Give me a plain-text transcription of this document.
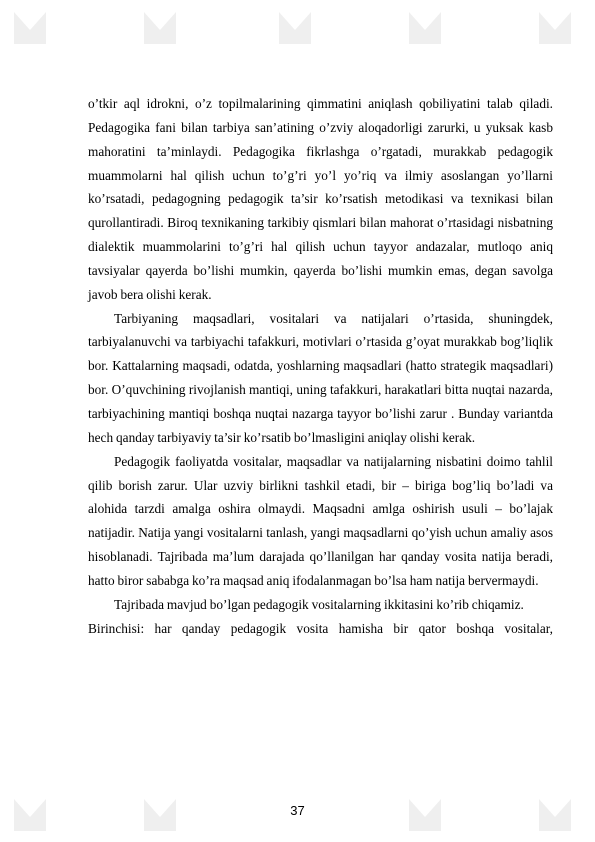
o’tkir aql idrokni, o’z topilmalarining qimmatini aniqlash qobiliyatini talab qiladi. Pedagogika fani bilan tarbiya san’atining o’zviy aloqadorligi zarurki, u yuksak kasb mahoratini ta’minlaydi. Pedagogika fikrlashga o’rgatadi, murakkab pedagogik muammolarni hal qilish uchun to’g’ri yo’l yo’riq va ilmiy asoslangan yo’llarni ko’rsatadi, pedagogning pedagogik ta’sir ko’rsatish metodikasi va texnikasi bilan qurollantiradi. Biroq texnikaning tarkibiy qismlari bilan mahorat o’rtasidagi nisbatning dialektik muammolarini to’g’ri hal qilish uchun tayyor andazalar, mutloqo aniq tavsiyalar qayerda bo’lishi mumkin, qayerda bo’lishi mumkin emas, degan savolga javob bera olishi kerak.

Tarbiyaning maqsadlari, vositalari va natijalari o’rtasida, shuningdek, tarbiyalanuvchi va tarbiyachi tafakkuri, motivlari o’rtasida g’oyat murakkab bog’liqlik bor. Kattalarning maqsadi, odatda, yoshlarning maqsadlari (hatto strategik maqsadlari) bor. O’quvchining rivojlanish mantiqi, uning tafakkuri, harakatlari bitta nuqtai nazarda, tarbiyachining mantiqi boshqa nuqtai nazarga tayyor bo’lishi zarur . Bunday variantda hech qanday tarbiyaviy ta’sir ko’rsatib bo’lmasligini aniqlay olishi kerak.

Pedagogik faoliyatda vositalar, maqsadlar va natijalarning nisbatini doimo tahlil qilib borish zarur. Ular uzviy birlikni tashkil etadi, bir – biriga bog’liq bo’ladi va alohida tarzdi amalga oshira olmaydi. Maqsadni amlga oshirish usuli – bo’lajak natijadir. Natija yangi vositalarni tanlash, yangi maqsadlarni qo’yish uchun amaliy asos hisoblanadi. Tajribada ma’lum darajada qo’llanilgan har qanday vosita natija beradi, hatto biror sababga ko’ra maqsad aniq ifodalanmagan bo’lsa ham natija bervermaydi.

Tajribada mavjud bo’lgan pedagogik vositalarning ikkitasini ko’rib chiqamiz.

Birinchisi: har qanday pedagogik vosita hamisha bir qator boshqa vositalar,

37
